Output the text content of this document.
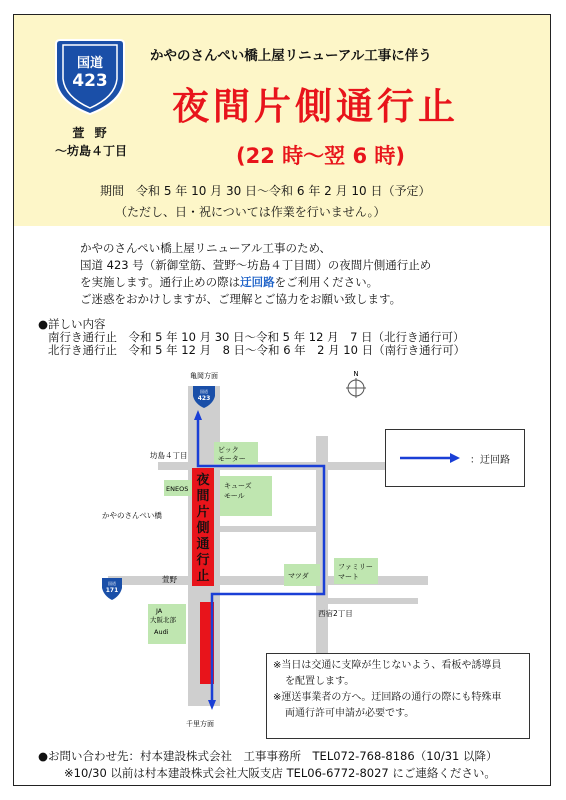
国道
423
萱 野
～坊島４丁目
かやのさんぺい橋上屋リニューアル工事に伴う
夜間片側通行止
(22 時～翌 6 時)
期間　令和 5 年 10 月 30 日～令和 6 年 2 月 10 日（予定）
（ただし、日・祝については作業を行いません。）
かやのさんぺい橋上屋リニューアル工事のため、
国道 423 号（新御堂筋、萱野～坊島４丁目間）の夜間片側通行止め
を実施します。通行止めの際は迂回路をご利用ください。
ご迷惑をおかけしますが、ご理解とご協力をお願い致します。
●詳しい内容
南行き通行止　令和 5 年 10 月 30 日～令和 5 年 12 月　7 日（北行き通行可）
北行き通行止　令和 5 年 12 月　8 日～令和 6 年　2 月 10 日（南行き通行可）
夜
間
片
側
通
行
止
亀岡方面
国道
423
国道
171
N
坊島４丁目
かやのさんぺい橋
萱野
西宿2丁目
ビック
モーター
ENEOS	キューズ
モール
マツダ
ファミリー
マート
JA
大阪北部
Audi
千里方面
：迂回路
※当日は交通に支障が生じないよう、看板や誘導員
を配置します。
※運送事業者の方へ。迂回路の通行の際にも特殊車
両通行許可申請が必要です。
●お問い合わせ先：村本建設株式会社　工事事務所　TEL072-768-8186（10/31 以降）
※10/30 以前は村本建設株式会社大阪支店 TEL06-6772-8027 にご連絡ください。
